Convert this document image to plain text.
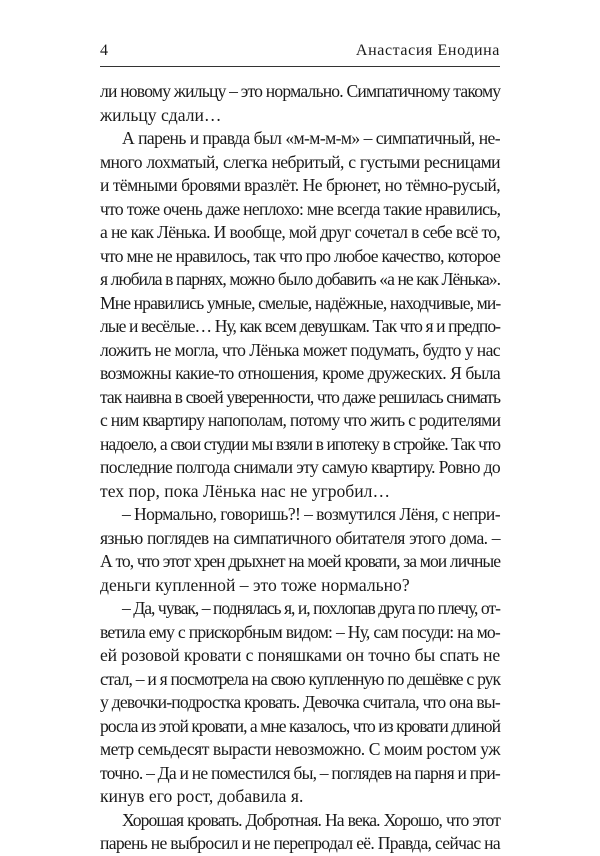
4	Анастасия Енодина
ли новому жильцу – это нормально. Симпатичному такому
жильцу сдали…
А парень и правда был «м-м-м-м» – симпатичный, не-
много лохматый, слегка небритый, с густыми ресницами
и тёмными бровями вразлёт. Не брюнет, но тёмно-русый,
что тоже очень даже неплохо: мне всегда такие нравились,
а не как Лёнька. И вообще, мой друг сочетал в себе всё то,
что мне не нравилось, так что про любое качество, которое
я любила в парнях, можно было добавить «а не как Лёнька».
Мне нравились умные, смелые, надёжные, находчивые, ми-
лые и весёлые… Ну, как всем девушкам. Так что я и предпо-
ложить не могла, что Лёнька может подумать, будто у нас
возможны какие-то отношения, кроме дружеских. Я была
так наивна в своей уверенности, что даже решилась снимать
с ним квартиру напополам, потому что жить с родителями
надоело, а свои студии мы взяли в ипотеку в стройке. Так что
последние полгода снимали эту самую квартиру. Ровно до
тех пор, пока Лёнька нас не угробил…
– Нормально, говоришь?! – возмутился Лёня, с непри-
язнью поглядев на симпатичного обитателя этого дома. –
А то, что этот хрен дрыхнет на моей кровати, за мои личные
деньги купленной – это тоже нормально?
– Да, чувак, – поднялась я, и, похлопав друга по плечу, от-
ветила ему с прискорбным видом: – Ну, сам посуди: на мо-
ей розовой кровати с поняшками он точно бы спать не
стал, – и я посмотрела на свою купленную по дешёвке с рук
у девочки-подростка кровать. Девочка считала, что она вы-
росла из этой кровати, а мне казалось, что из кровати длиной
метр семьдесят вырасти невозможно. С моим ростом уж
точно. – Да и не поместился бы, – поглядев на парня и при-
кинув его рост, добавила я.
Хорошая кровать. Добротная. На века. Хорошо, что этот
парень не выбросил и не перепродал её. Правда, сейчас на
